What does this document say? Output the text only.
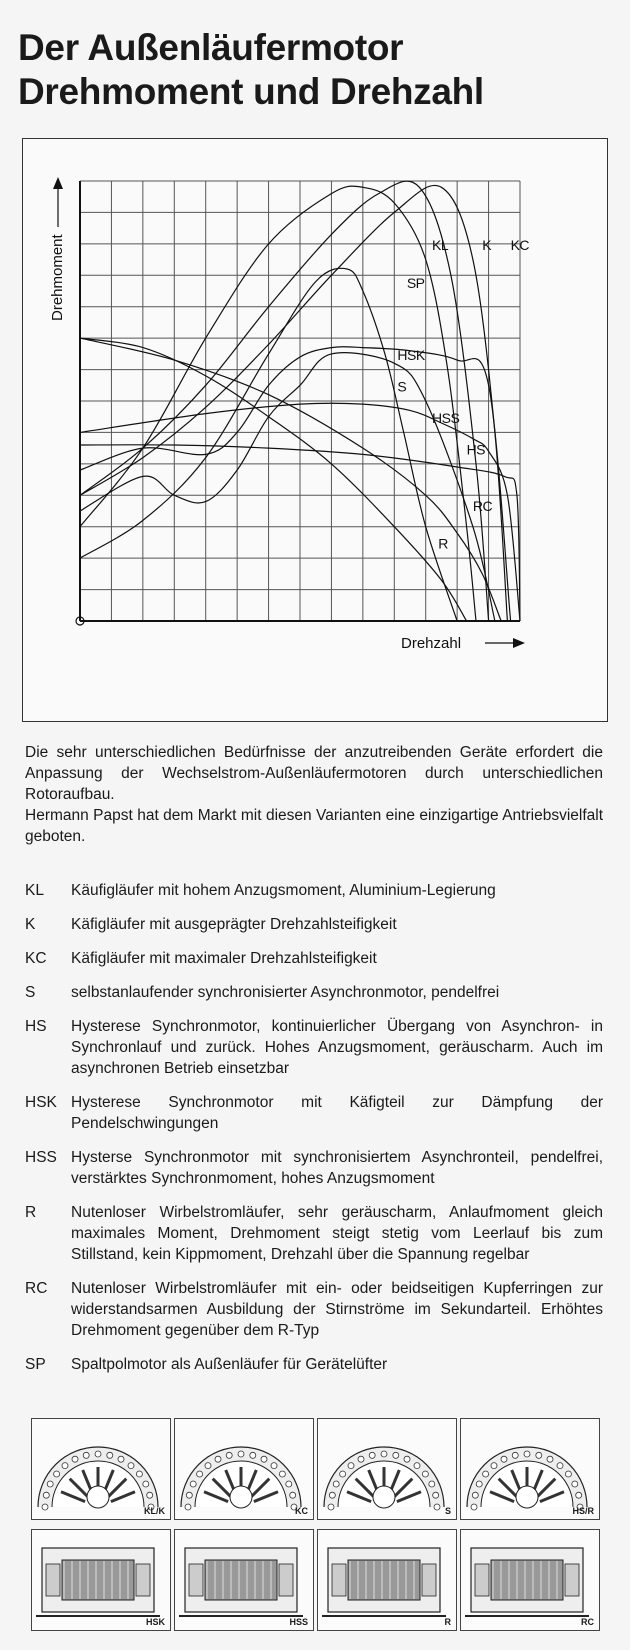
Der Außenläufermotor
Drehmoment und Drehzahl
Drehmoment
Drehzahl
KL K KC
SP
HSK
S
HSS
HS
RC
R

Die sehr unterschiedlichen Bedürfnisse der anzutreibenden Geräte erfordert die Anpassung der Wechselstrom-Außenläufermotoren durch unterschiedlichen Rotoraufbau.

Hermann Papst hat dem Markt mit diesen Varianten eine einzigartige Antriebsvielfalt geboten.

KL	Käufigläufer mit hohem Anzugsmoment, Aluminium-Legierung
K	Käfigläufer mit ausgeprägter Drehzahlsteifigkeit
KC	Käfigläufer mit maximaler Drehzahlsteifigkeit
S	selbstanlaufender synchronisierter Asynchronmotor, pendelfrei
HS	Hysterese Synchronmotor, kontinuierlicher Übergang von Asynchron- in Synchronlauf und zurück. Hohes Anzugsmoment, geräuscharm. Auch im asynchronen Betrieb einsetzbar
HSK Hysterese Synchronmotor mit Käfigteil zur Dämpfung der Pendelschwingungen
HSS Hysterse Synchronmotor mit synchronisiertem Asynchronteil, pendelfrei, verstärktes Synchronmoment, hohes Anzugsmoment
R	Nutenloser Wirbelstromläufer, sehr geräuscharm, Anlaufmoment gleich maximales Moment, Drehmoment steigt stetig vom Leerlauf bis zum Stillstand, kein Kippmoment, Drehzahl über die Spannung regelbar
RC	Nutenloser Wirbelstromläufer mit ein- oder beidseitigen Kupferringen zur widerstandsarmen Ausbildung der Stirnströme im Sekundarteil. Erhöhtes Drehmoment gegenüber dem R-Typ
SP	Spaltpolmotor als Außenläufer für Gerätelüfter
KL/K	KC	S	HS/R
HSK	HSS	R	RC
